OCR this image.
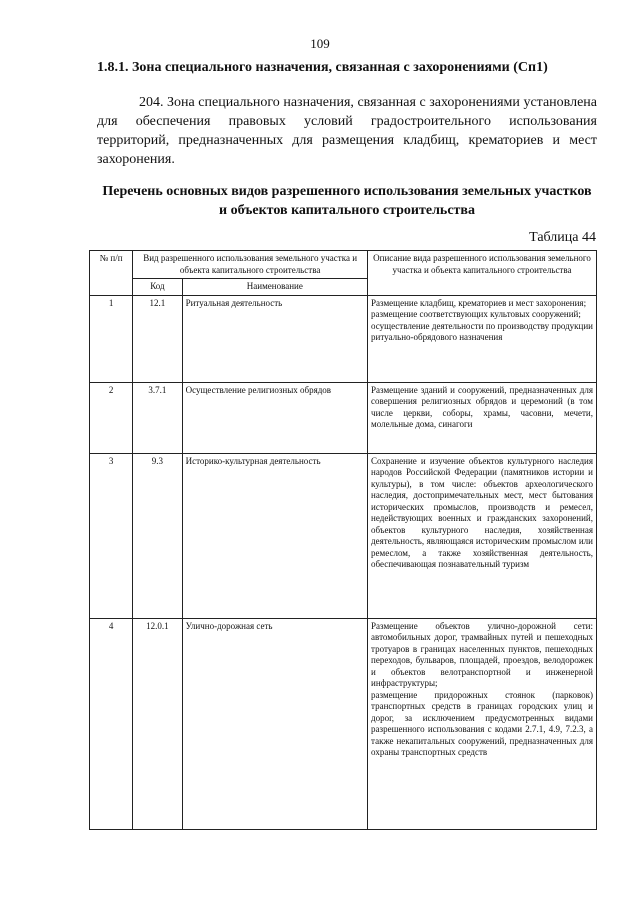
109
1.8.1. Зона специального назначения, связанная с захоронениями (Сп1)
204. Зона специального назначения, связанная с захоронениями установлена для обеспечения правовых условий градостроительного использования территорий, предназначенных для размещения кладбищ, крематориев и мест захоронения.
Перечень основных видов разрешенного использования земельных участков и объектов капитального строительства
Таблица 44
№ п/п	Вид разрешенного использования земельного участка и объекта капитального строительства		Описание вида разрешенного использования земельного участка и объекта капитального строительства
	Код	Наименование	
1	12.1	Ритуальная деятельность	Размещение кладбищ, крематориев и мест захоронения;
размещение соответствующих культовых сооружений;
осуществление деятельности по производству продукции ритуально-обрядового назначения

2	3.7.1	Осуществление религиозных обрядов	Размещение зданий и сооружений, предназначенных для совершения религиозных обрядов и церемоний (в том числе церкви, соборы, храмы, часовни, мечети, молельные дома, синагоги

3	9.3	Историко-культурная деятельность	Сохранение и изучение объектов культурного наследия народов Российской Федерации (памятников истории и культуры), в том числе: объектов археологического наследия, достопримечательных мест, мест бытования исторических промыслов, производств и ремесел, недействующих военных и гражданских захоронений, объектов культурного наследия, хозяйственная деятельность, являющаяся историческим промыслом или ремеслом, а также хозяйственная деятельность, обеспечивающая познавательный туризм

4	12.0.1	Улично-дорожная сеть	Размещение объектов улично-дорожной сети: автомобильных дорог, трамвайных путей и пешеходных тротуаров в границах населенных пунктов, пешеходных переходов, бульваров, площадей, проездов, велодорожек и объектов велотранспортной и инженерной инфраструктуры;
размещение придорожных стоянок (парковок) транспортных средств в границах городских улиц и дорог, за исключением предусмотренных видами разрешенного использования с кодами 2.7.1, 4.9, 7.2.3, а также некапитальных сооружений, предназначенных для охраны транспортных средств
